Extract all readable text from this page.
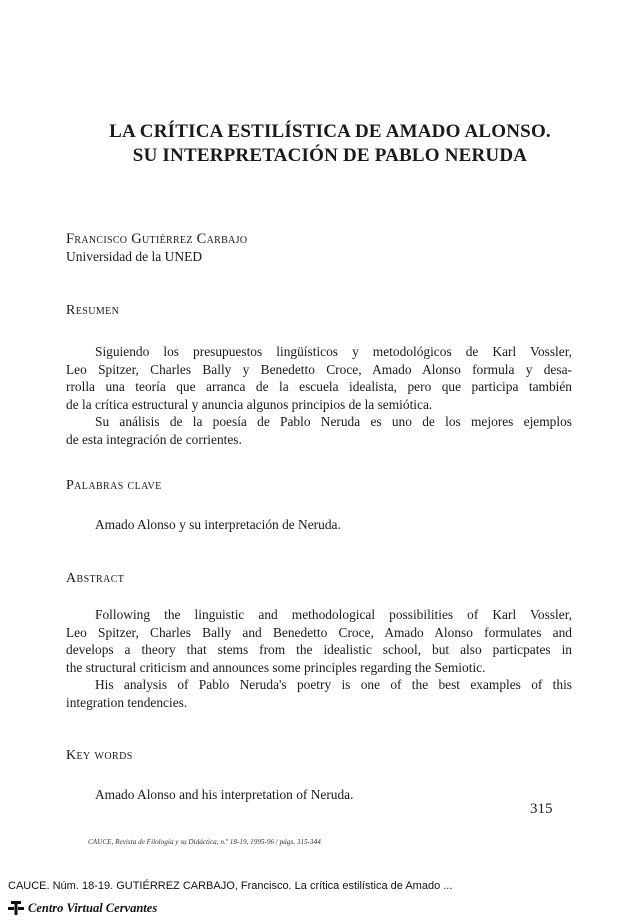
LA CRÍTICA ESTILÍSTICA DE AMADO ALONSO.
SU INTERPRETACIÓN DE PABLO NERUDA
Francisco Gutiérrez Carbajo
Universidad de la UNED
Resumen
Siguiendo los presupuestos lingüísticos y metodológicos de Karl Vossler,
Leo Spitzer, Charles Bally y Benedetto Croce, Amado Alonso formula y desa-
rrolla una teoría que arranca de la escuela idealista, pero que participa también
de la crítica estructural y anuncia algunos principios de la semiótica.
Su análisis de la poesía de Pablo Neruda es uno de los mejores ejemplos
de esta integración de corrientes.
Palabras clave
Amado Alonso y su interpretación de Neruda.
Abstract
Following the linguistic and methodological possibilities of Karl Vossler,
Leo Spitzer, Charles Bally and Benedetto Croce, Amado Alonso formulates and
develops a theory that stems from the idealistic school, but also particpates in
the structural criticism and announces some principles regarding the Semiotic.
His analysis of Pablo Neruda's poetry is one of the best examples of this
integration tendencies.
Key words
Amado Alonso and his interpretation of Neruda.
315
CAUCE, Revista de Filología y su Didáctica, n.º 18-19, 1995-96 / págs. 315-344
CAUCE. Núm. 18-19. GUTIÉRREZ CARBAJO, Francisco. La crítica estilística de Amado ...
Centro Virtual Cervantes
